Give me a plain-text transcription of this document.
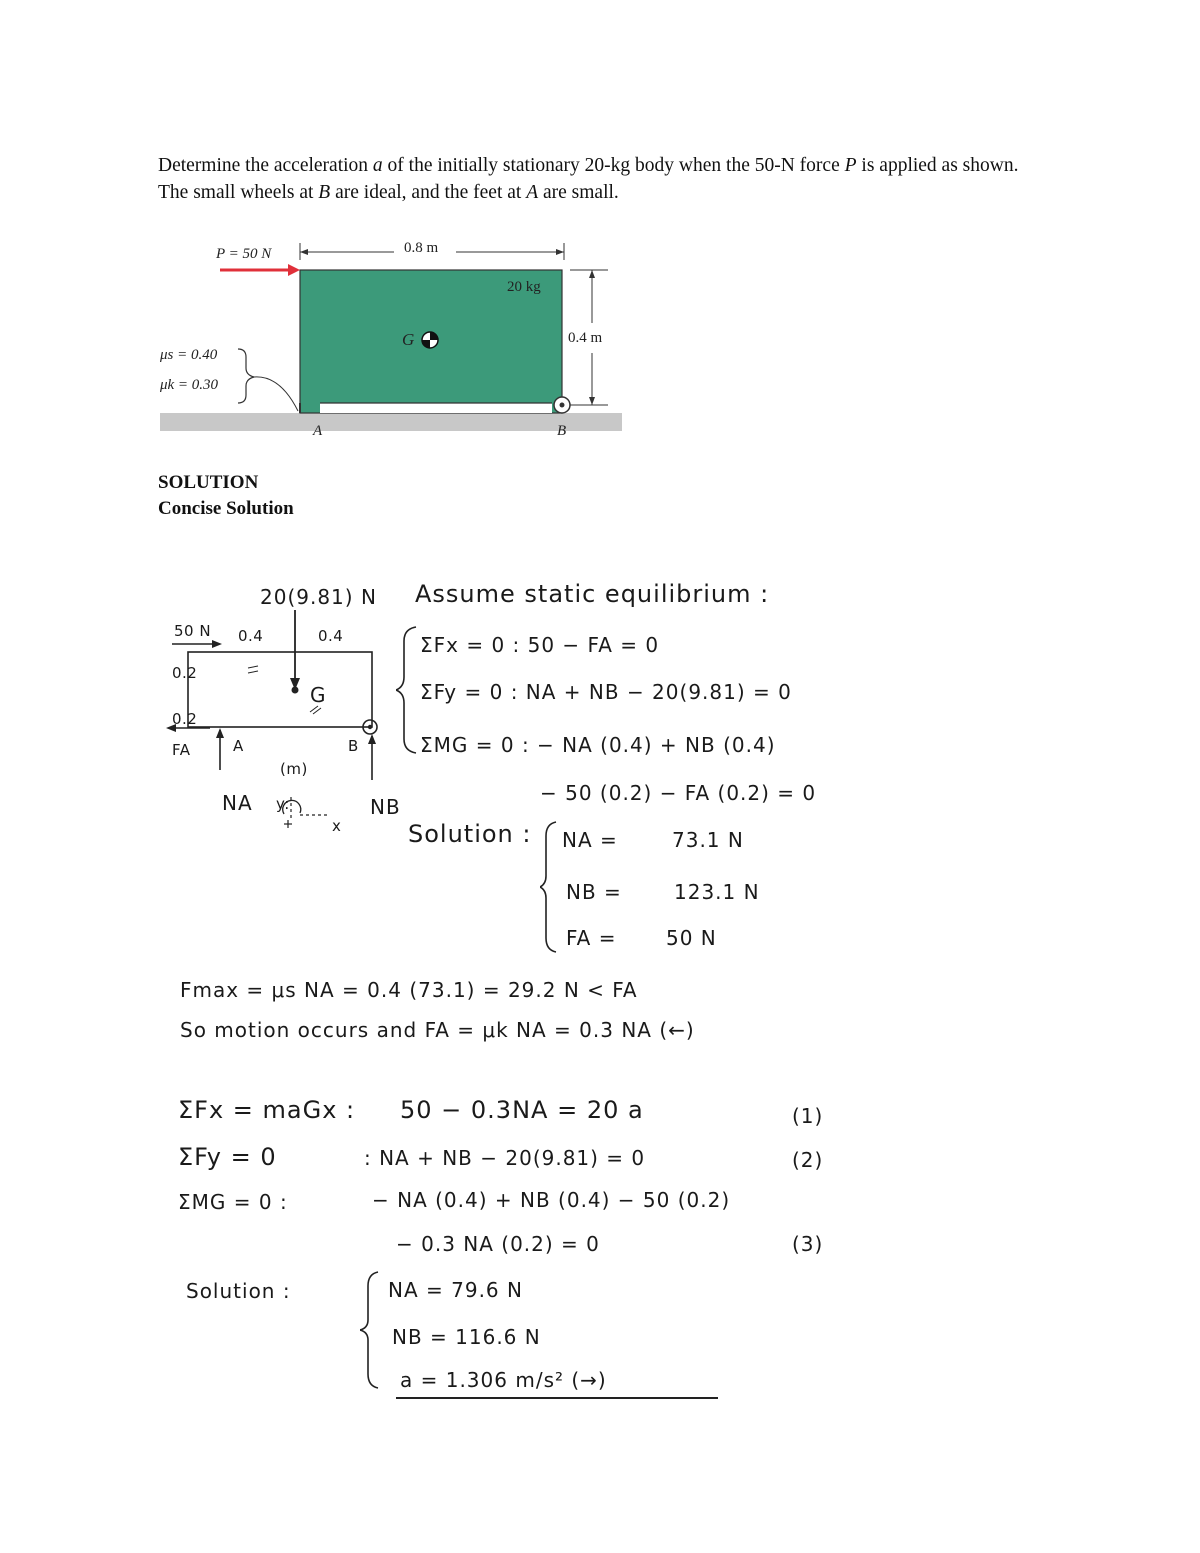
Determine the acceleration a of the initially stationary 20-kg body when the 50-N force P is applied as shown. The small wheels at B are ideal, and the feet at A are small.
P = 50 N	0.8 m
20 kg
G	0.4 m
μs = 0.40
μk = 0.30
A	B
SOLUTION
Concise Solution
20(9.81) N
50 N 0.4	0.4
0.2
0.2
G
FA	A	B
(m)
NA	NB
y:
x
Assume static equilibrium :
ΣFx = 0 : 50 − FA = 0
ΣFy = 0 : NA + NB − 20(9.81) = 0
ΣMG = 0 : − NA (0.4) + NB (0.4)
− 50 (0.2) − FA (0.2) = 0
Solution : NA =	73.1 N
NB =	123.1 N
FA = 50 N
Fmax = μs NA = 0.4 (73.1) = 29.2 N < FA
So motion occurs and FA = μk NA = 0.3 NA (←)
ΣFx = maGx : 50 − 0.3NA = 20 a	(1)
ΣFy = 0	: NA + NB − 20(9.81) = 0	(2)
ΣMG = 0 :	− NA (0.4) + NB (0.4) − 50 (0.2)
− 0.3 NA (0.2) = 0	(3)
Solution :	NA = 79.6 N
NB = 116.6 N
a = 1.306 m/s² (→)
